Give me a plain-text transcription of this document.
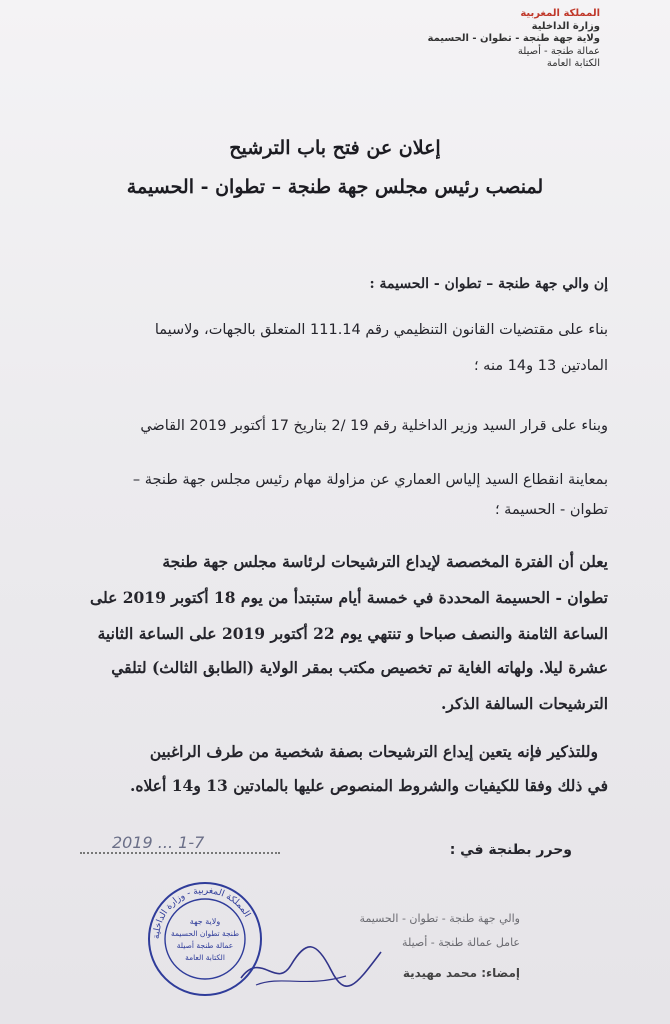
المملكة المغربية
وزارة الداخلية
ولاية جهة طنجة - تطوان - الحسيمة
عمالة طنجة - أصيلة
الكتابة العامة
إعلان عن فتح باب الترشيح
لمنصب رئيس مجلس جهة طنجة – تطوان - الحسيمة
إن والي جهة طنجة – تطوان - الحسيمة :
بناء على مقتضيات القانون التنظيمي رقم 111.14 المتعلق بالجهات، ولاسيما
المادتين 13 و14 منه ؛
وبناء على قرار السيد وزير الداخلية رقم 19 /2 بتاريخ 17 أكتوبر 2019 القاضي
بمعاينة انقطاع السيد إلياس العماري عن مزاولة مهام رئيس مجلس جهة طنجة –
تطوان - الحسيمة ؛
يعلن أن الفترة المخصصة لإيداع الترشيحات لرئاسة مجلس جهة طنجة
تطوان - الحسيمة المحددة في خمسة أيام ستبتدأ من يوم 18 أكتوبر 2019 على
الساعة الثامنة والنصف صباحا و تنتهي يوم 22 أكتوبر 2019 على الساعة الثانية
عشرة ليلا. ولهاته الغاية تم تخصيص مكتب بمقر الولاية (الطابق الثالث) لتلقي
الترشيحات السالفة الذكر.
وللتذكير فإنه يتعين إيداع الترشيحات بصفة شخصية من طرف الراغبين
في ذلك وفقا للكيفيات والشروط المنصوص عليها بالمادتين 13 و14 أعلاه.
وحرر بطنجة في :
2019 ... 1-7
والي جهة طنجة - تطوان - الحسيمة
عامل عمالة طنجة - أصيلة
إمضاء: محمد مهيدية
المملكة المغربية - وزارة الداخلية
ولاية جهة
طنجة تطوان الحسيمة
عمالة طنجة أصيلة
الكتابة العامة
